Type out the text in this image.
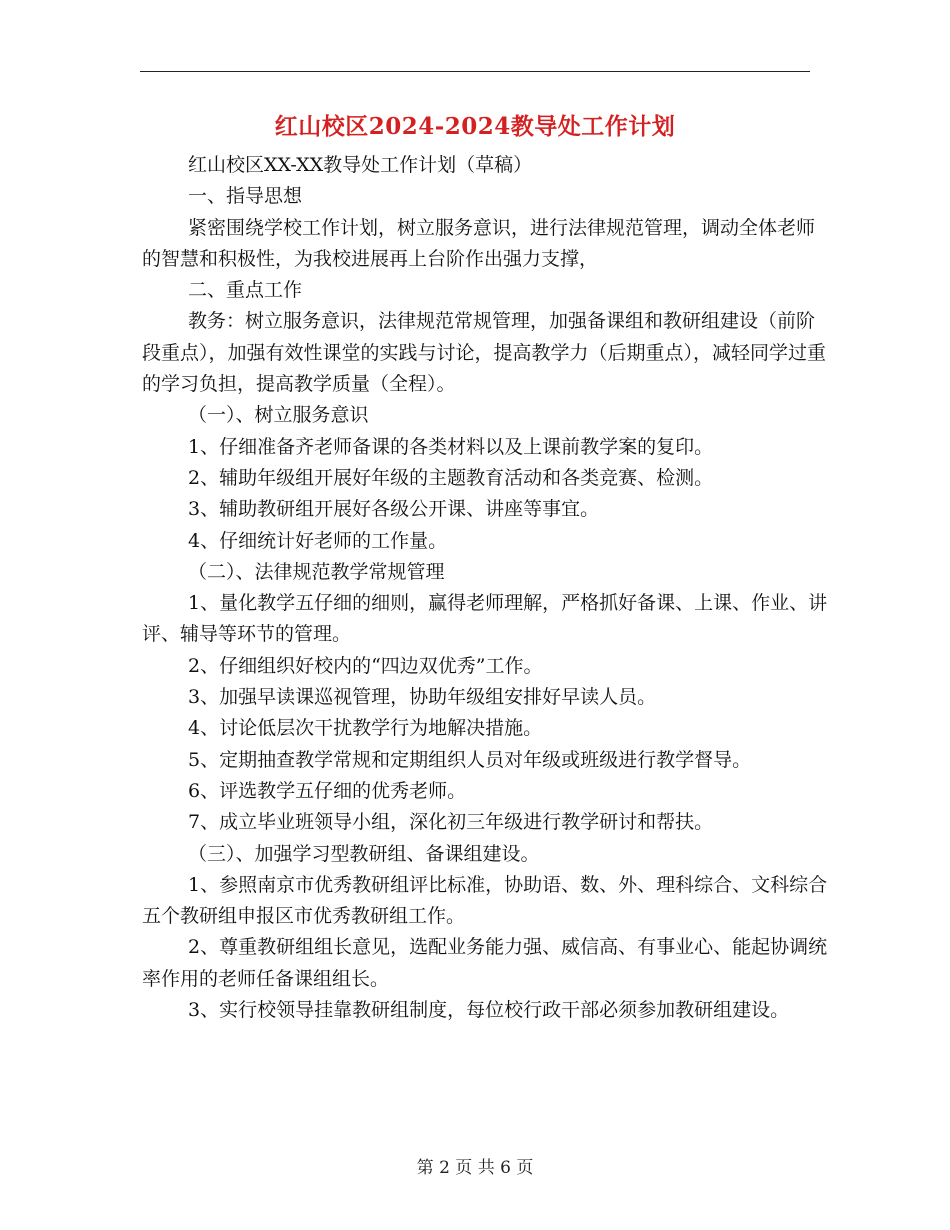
红山校区2024-2024教导处工作计划

红山校区XX-XX教导处工作计划（草稿）

一、指导思想

紧密围绕学校工作计划，树立服务意识，进行法律规范管理，调动全体老师的智慧和积极性，为我校进展再上台阶作出强力支撑，

二、重点工作

教务：树立服务意识，法律规范常规管理，加强备课组和教研组建设（前阶段重点），加强有效性课堂的实践与讨论，提高教学力（后期重点），减轻同学过重的学习负担，提高教学质量（全程）。

（一）、树立服务意识

1、仔细准备齐老师备课的各类材料以及上课前教学案的复印。

2、辅助年级组开展好年级的主题教育活动和各类竞赛、检测。

3、辅助教研组开展好各级公开课、讲座等事宜。

4、仔细统计好老师的工作量。

（二）、法律规范教学常规管理

1、量化教学五仔细的细则，赢得老师理解，严格抓好备课、上课、作业、讲评、辅导等环节的管理。

2、仔细组织好校内的“四边双优秀”工作。

3、加强早读课巡视管理，协助年级组安排好早读人员。

4、讨论低层次干扰教学行为地解决措施。

5、定期抽查教学常规和定期组织人员对年级或班级进行教学督导。

6、评选教学五仔细的优秀老师。

7、成立毕业班领导小组，深化初三年级进行教学研讨和帮扶。

（三）、加强学习型教研组、备课组建设。

1、参照南京市优秀教研组评比标准，协助语、数、外、理科综合、文科综合五个教研组申报区市优秀教研组工作。

2、尊重教研组组长意见，选配业务能力强、威信高、有事业心、能起协调统率作用的老师任备课组组长。

3、实行校领导挂靠教研组制度，每位校行政干部必须参加教研组建设。

第 2 页 共 6 页
